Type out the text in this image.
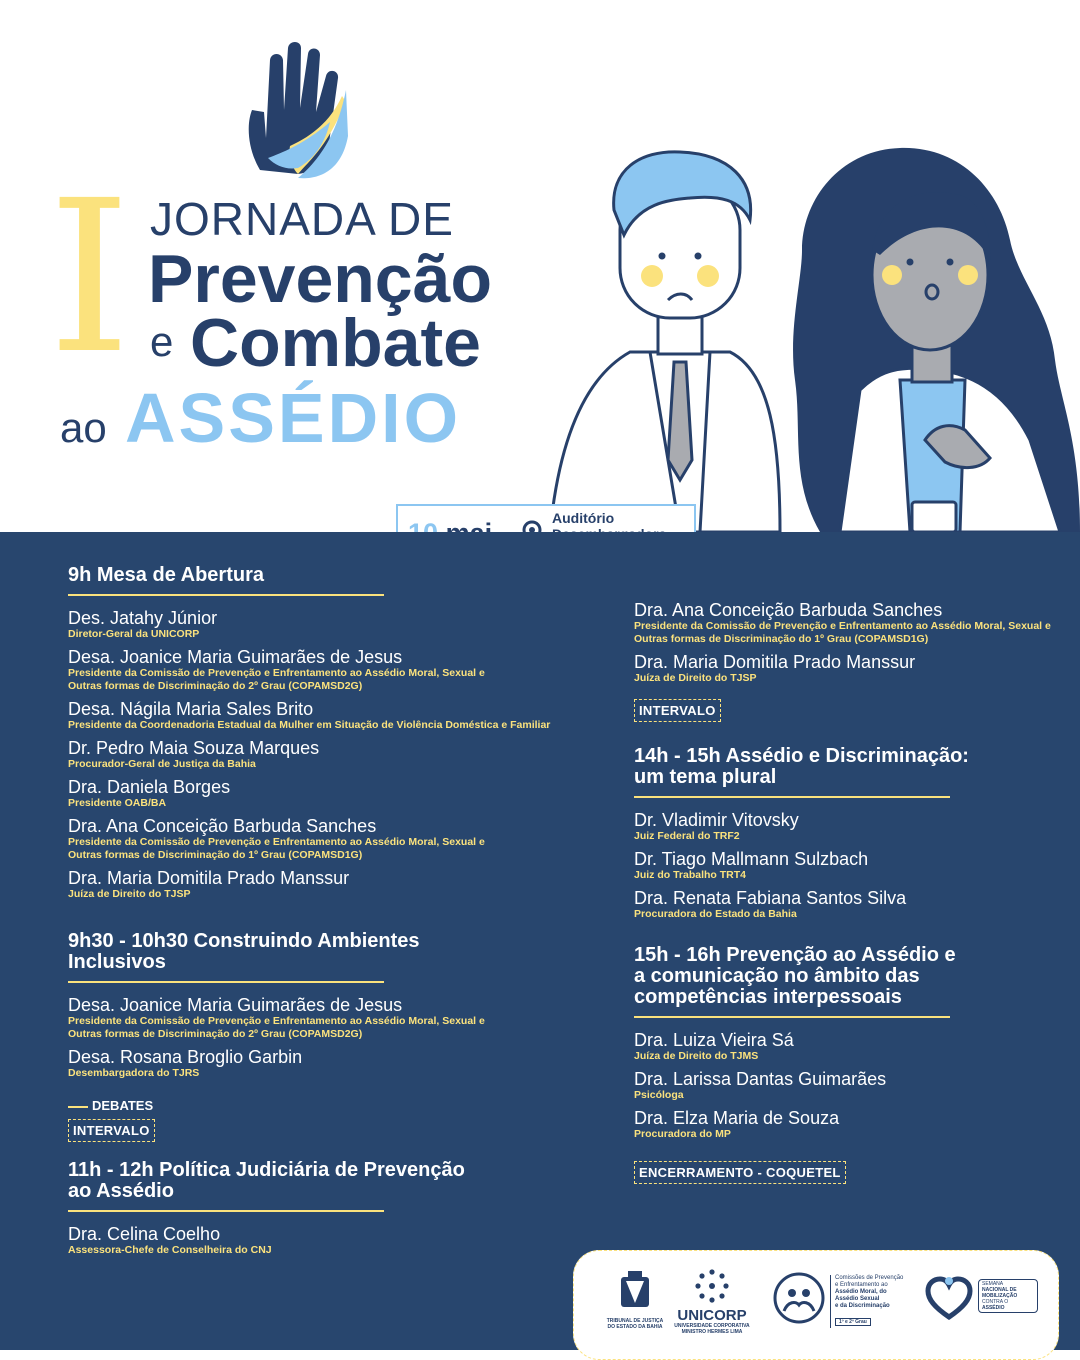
I JORNADA DE
Prevenção
e Combate
ao ASSÉDIO
Auditório
9h Mesa de Abertura
Des. Jatahy Júnior
Diretor-Geral da UNICORP
Desa. Joanice Maria Guimarães de Jesus
Presidente da Comissão de Prevenção e Enfrentamento ao Assédio Moral, Sexual e Outras formas de Discriminação do 2º Grau (COPAMSD2G)
Desa. Nágila Maria Sales Brito
Presidente da Coordenadoria Estadual da Mulher em Situação de Violência Doméstica e Familiar
Dr. Pedro Maia Souza Marques
Procurador-Geral de Justiça da Bahia
Dra. Daniela Borges
Presidente OAB/BA
Dra. Ana Conceição Barbuda Sanches
Presidente da Comissão de Prevenção e Enfrentamento ao Assédio Moral, Sexual e Outras formas de Discriminação do 1º Grau (COPAMSD1G)
Dra. Maria Domitila Prado Manssur
Juíza de Direito do TJSP
9h30 - 10h30 Construindo Ambientes
Inclusivos
Desa. Joanice Maria Guimarães de Jesus
Presidente da Comissão de Prevenção e Enfrentamento ao Assédio Moral, Sexual e Outras formas de Discriminação do 2º Grau (COPAMSD2G)
Desa. Rosana Broglio Garbin
Desembargadora do TJRS
DEBATES
INTERVALO
11h - 12h Política Judiciária de Prevenção
ao Assédio
Dra. Celina Coelho
Assessora-Chefe de Conselheira do CNJ
Dra. Ana Conceição Barbuda Sanches
Presidente da Comissão de Prevenção e Enfrentamento ao Assédio Moral, Sexual e Outras formas de Discriminação do 1º Grau (COPAMSD1G)
Dra. Maria Domitila Prado Manssur
Juíza de Direito do TJSP
INTERVALO
14h - 15h Assédio e Discriminação:
um tema plural
Dr. Vladimir Vitovsky
Juiz Federal do TRF2
Dr. Tiago Mallmann Sulzbach
Juiz do Trabalho TRT4
Dra. Renata Fabiana Santos Silva
Procuradora do Estado da Bahia
15h - 16h Prevenção ao Assédio e
a comunicação no âmbito das
competências interpessoais
Dra. Luiza Vieira Sá
Juíza de Direito do TJMS
Dra. Larissa Dantas Guimarães
Psicóloga
Dra. Elza Maria de Souza
Procuradora do MP
ENCERRAMENTO - COQUETEL
TRIBUNAL DE JUSTIÇA
DO ESTADO DA BAHIA
UNICORP
UNIVERSIDADE CORPORATIVA
MINISTRO HERMES LIMA
Comissões de Prevenção
e Enfrentamento ao
Assédio Moral, do
Assédio Sexual
e da Discriminação
1º e 2º Grau
SEMANA
NACIONAL DE
MOBILIZAÇÃO
CONTRA O
ASSÉDIO
